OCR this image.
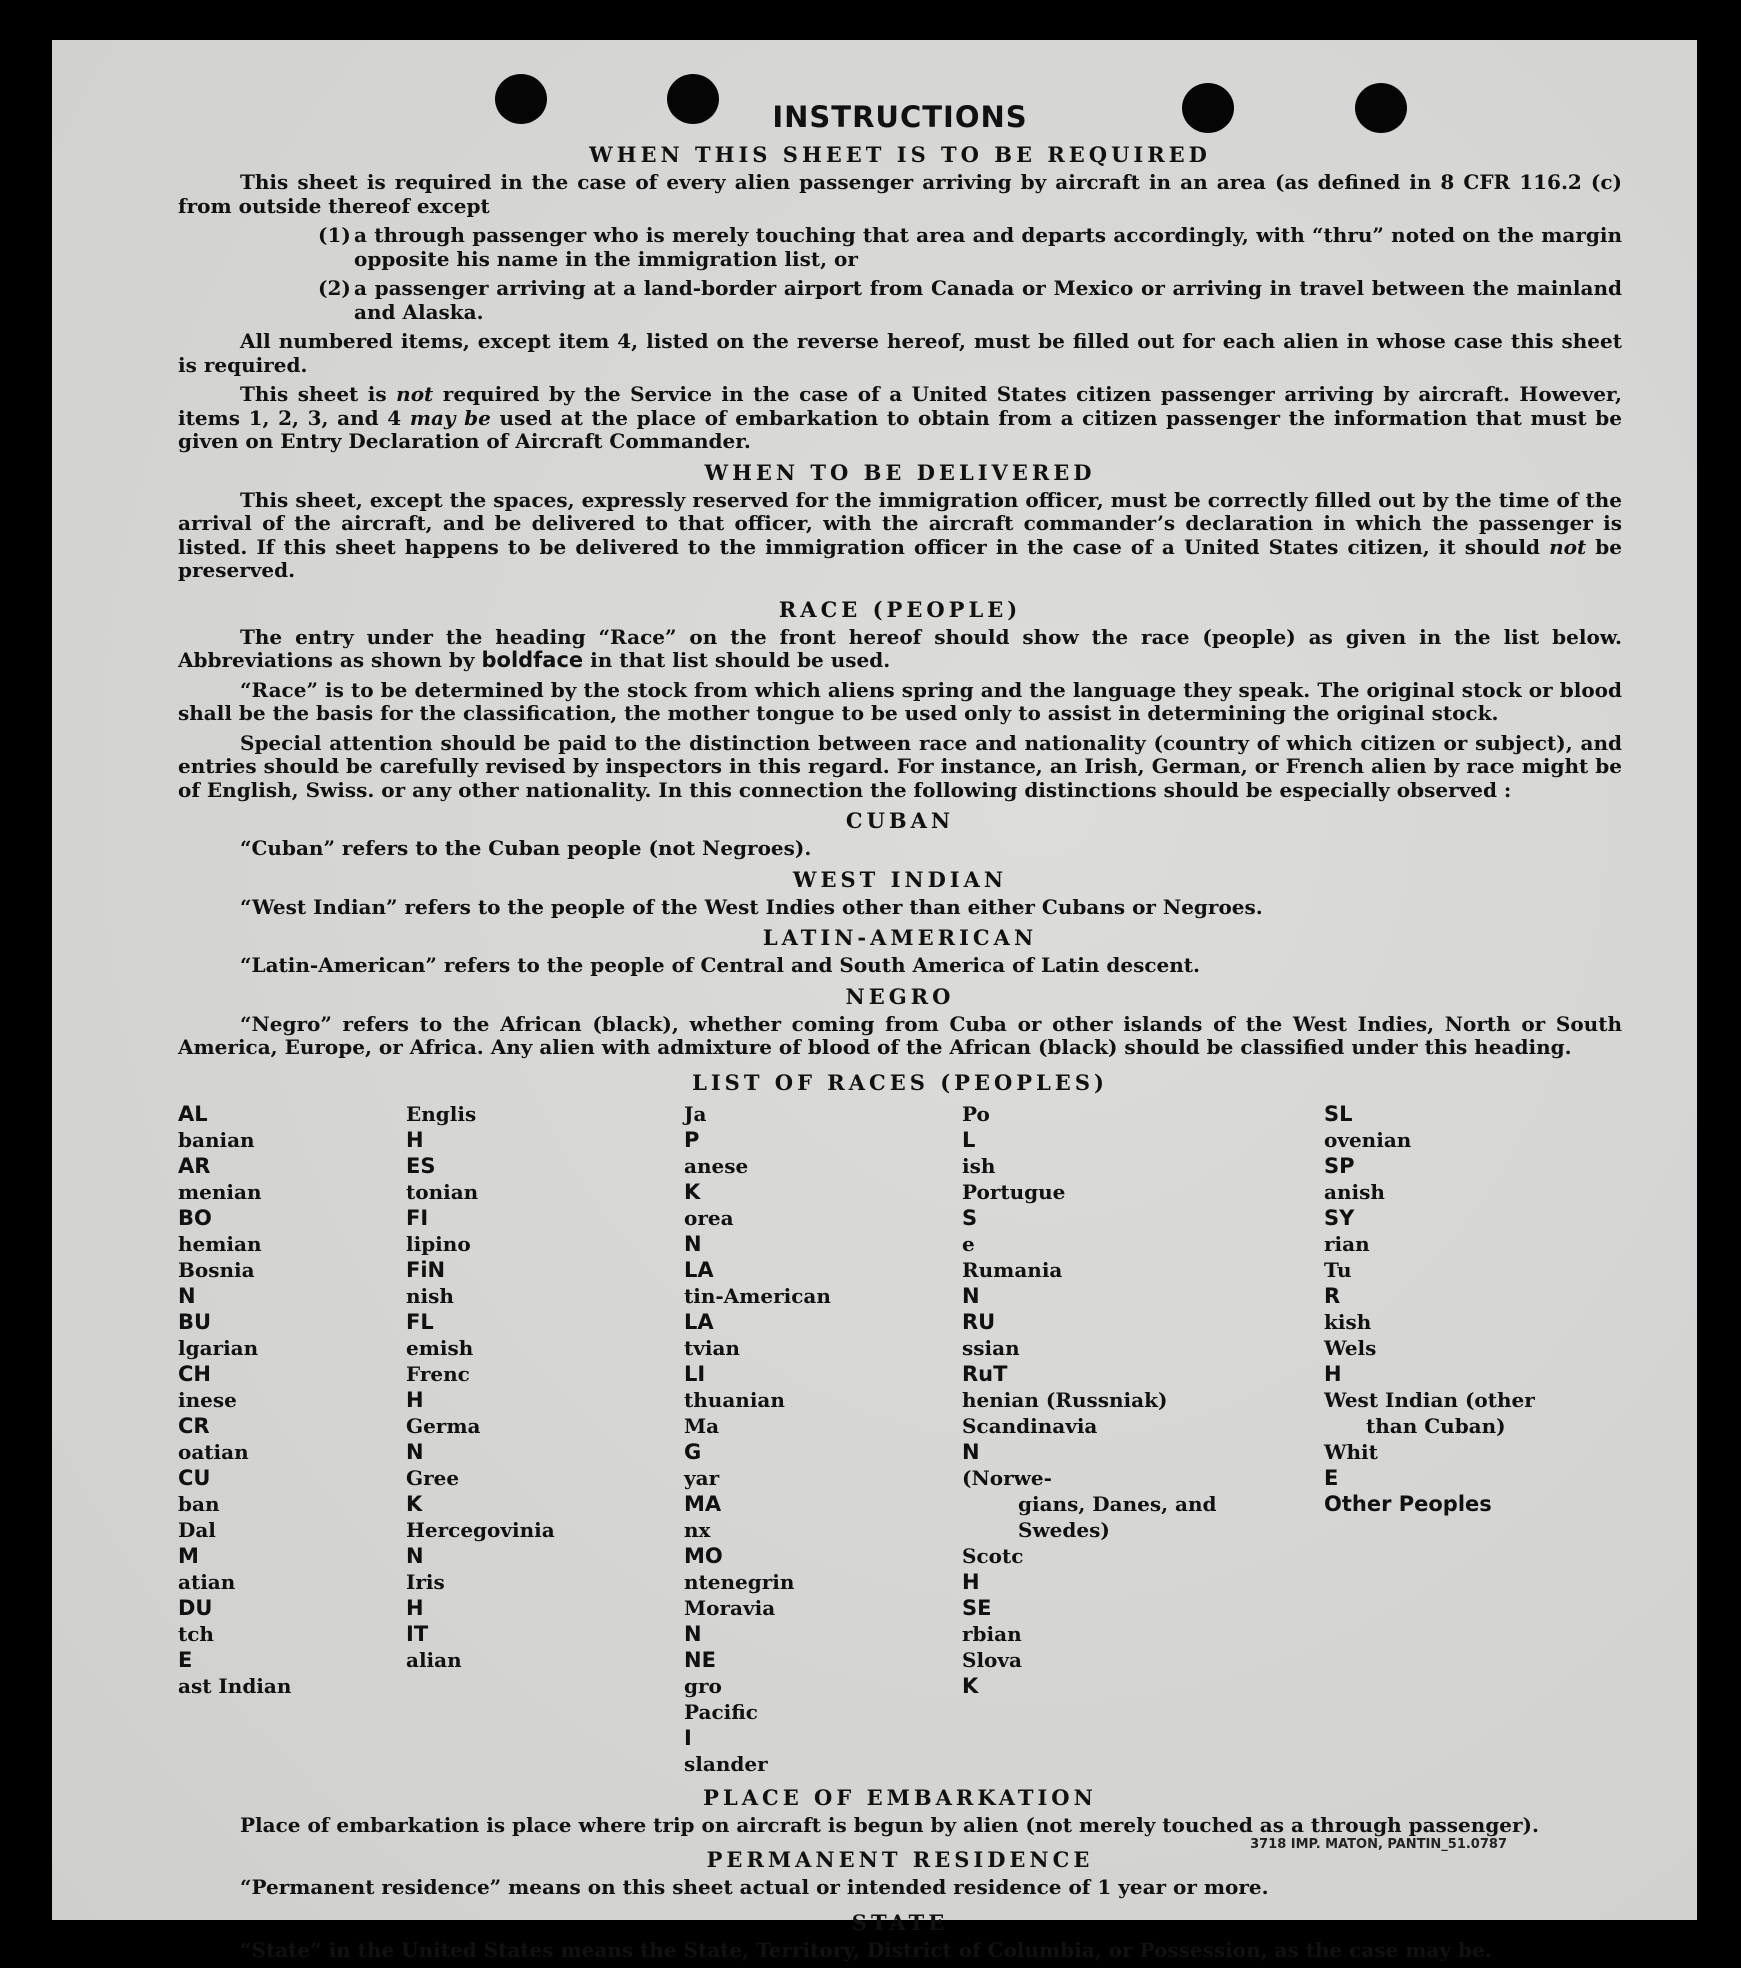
INSTRUCTIONS
WHEN THIS SHEET IS TO BE REQUIRED

This sheet is required in the case of every alien passenger arriving by aircraft in an area (as defined in 8 CFR 116.2 (c) from outside thereof except

(1) a through passenger who is merely touching that area and departs accordingly, with “thru” noted on the margin opposite his name in the immigration list, or
(2) a passenger arriving at a land-border airport from Canada or Mexico or arriving in travel between the mainland and Alaska.

All numbered items, except item 4, listed on the reverse hereof, must be filled out for each alien in whose case this sheet is required.

This sheet is not required by the Service in the case of a United States citizen passenger arriving by aircraft. However, items 1, 2, 3, and 4 may be used at the place of embarkation to obtain from a citizen passenger the information that must be given on Entry Declaration of Aircraft Commander.

WHEN TO BE DELIVERED

This sheet, except the spaces, expressly reserved for the immigration officer, must be correctly filled out by the time of the arrival of the aircraft, and be delivered to that officer, with the aircraft commander’s declaration in which the passenger is listed. If this sheet happens to be delivered to the immigration officer in the case of a United States citizen, it should not be preserved.

RACE (PEOPLE)

The entry under the heading “Race” on the front hereof should show the race (people) as given in the list below. Abbreviations as shown by boldface in that list should be used.

“Race” is to be determined by the stock from which aliens spring and the language they speak. The original stock or blood shall be the basis for the classification, the mother tongue to be used only to assist in determining the original stock.

Special attention should be paid to the distinction between race and nationality (country of which citizen or subject), and entries should be carefully revised by inspectors in this regard. For instance, an Irish, German, or French alien by race might be of English, Swiss. or any other nationality. In this connection the following distinctions should be especially observed :

CUBAN

“Cuban” refers to the Cuban people (not Negroes).

WEST INDIAN

“West Indian” refers to the people of the West Indies other than either Cubans or Negroes.

LATIN-AMERICAN

“Latin-American” refers to the people of Central and South America of Latin descent.

NEGRO

“Negro” refers to the African (black), whether coming from Cuba or other islands of the West Indies, North or South America, Europe, or Africa. Any alien with admixture of blood of the African (black) should be classified under this heading.

LIST OF RACES (PEOPLES)
AL
banian
AR
menian
BO
hemian
Bosnia
N
BU
lgarian
CH
inese
CR
oatian
CU
ban
Dal
M
atian
DU
tch
E
ast Indian
Englis
H
ES
tonian
FI
lipino
FiN
nish
FL
emish
Frenc
H
Germa
N
Gree
K
Hercegovinia
N
Iris
H
IT
alian
Ja
P
anese
K
orea
N
LA
tin-American
LA
tvian
LI
thuanian
Ma
G
yar
MA
nx
MO
ntenegrin
Moravia
N
NE
gro
Pacific
I
slander
Po
L
ish
Portugue
S
e
Rumania
N
RU
ssian
RuT
henian (Russniak)
Scandinavia
N
(Norwe-
gians, Danes, and
Swedes)
Scotc
H
SE
rbian
Slova
K
SL
ovenian
SP
anish
SY
rian
Tu
R
kish
Wels
H
West Indian (other
than Cuban)
Whit
E
Other Peoples
PLACE OF EMBARKATION

Place of embarkation is place where trip on aircraft is begun by alien (not merely touched as a through passenger).

PERMANENT RESIDENCE

“Permanent residence” means on this sheet actual or intended residence of 1 year or more.

STATE

“State” in the United States means the State, Territory, District of Columbia, or Possession, as the case may be.

3718 IMP. MATON, PANTIN_51.0787
